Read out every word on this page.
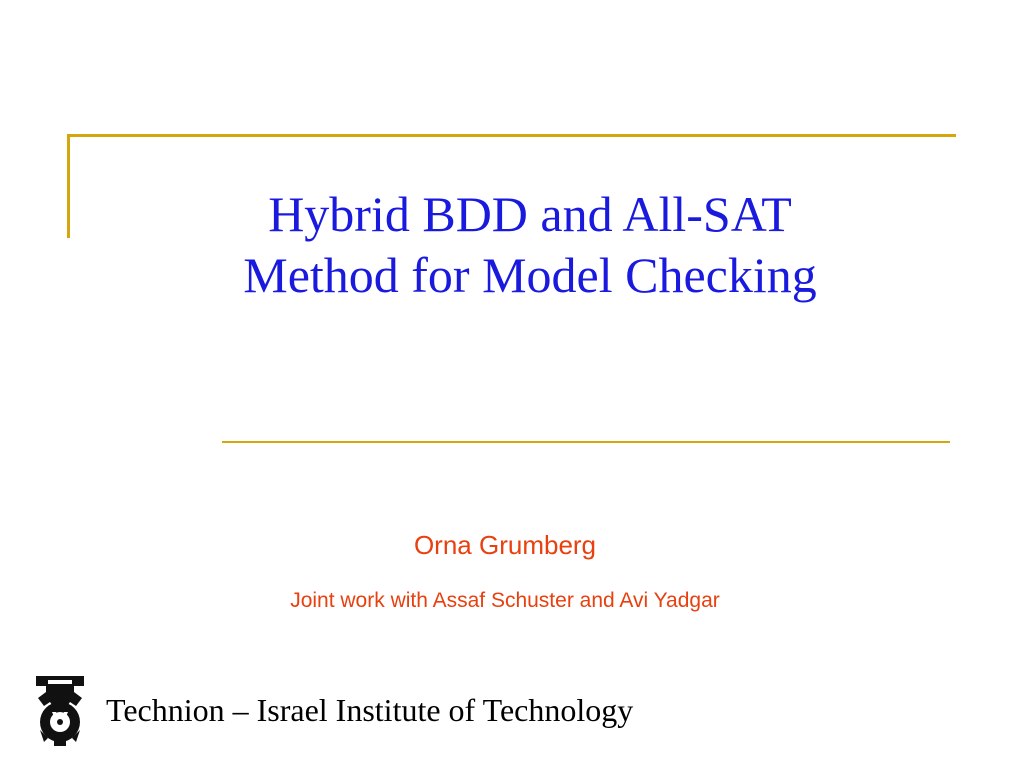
Hybrid BDD and All-SAT
Method for Model Checking
Orna Grumberg
Joint work with Assaf Schuster and Avi Yadgar
Technion – Israel Institute of Technology
